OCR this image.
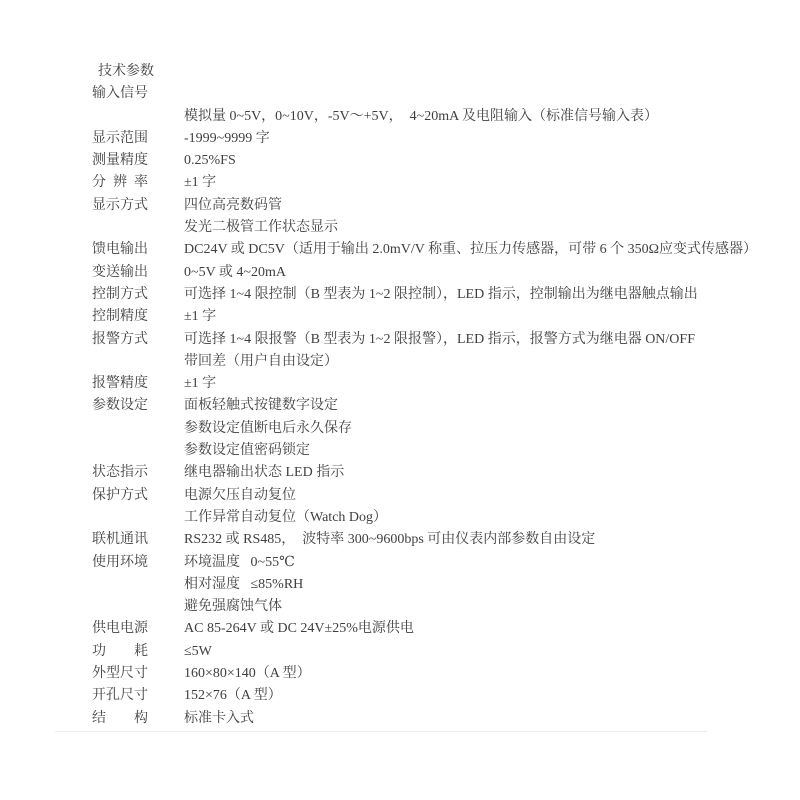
技术参数
输入信号
模拟量 0~5V，0~10V，-5V～+5V，  4~20mA 及电阻输入（标准信号输入表）
显示范围	-1999~9999 字
测量精度	0.25%FS
分辨率	±1 字
显示方式	四位高亮数码管
发光二极管工作状态显示
馈电输出	DC24V 或 DC5V（适用于输出 2.0mV/V 称重、拉压力传感器，可带 6 个 350Ω应变式传感器）
变送输出	0~5V 或 4~20mA
控制方式	可选择 1~4 限控制（B 型表为 1~2 限控制），LED 指示，控制输出为继电器触点输出
控制精度	±1 字
报警方式	可选择 1~4 限报警（B 型表为 1~2 限报警），LED 指示，报警方式为继电器 ON/OFF
带回差（用户自由设定）
报警精度	±1 字
参数设定	面板轻触式按键数字设定
参数设定值断电后永久保存
参数设定值密码锁定
状态指示	继电器输出状态 LED 指示
保护方式	电源欠压自动复位
工作异常自动复位（Watch Dog）
联机通讯	RS232 或 RS485，  波特率 300~9600bps 可由仪表内部参数自由设定
使用环境	环境温度   0~55℃
相对湿度   ≤85%RH
避免强腐蚀气体
供电电源	AC 85-264V 或 DC 24V±25%电源供电
功耗	≤5W
外型尺寸	160×80×140（A 型）
开孔尺寸	152×76（A 型）
结构	标准卡入式
